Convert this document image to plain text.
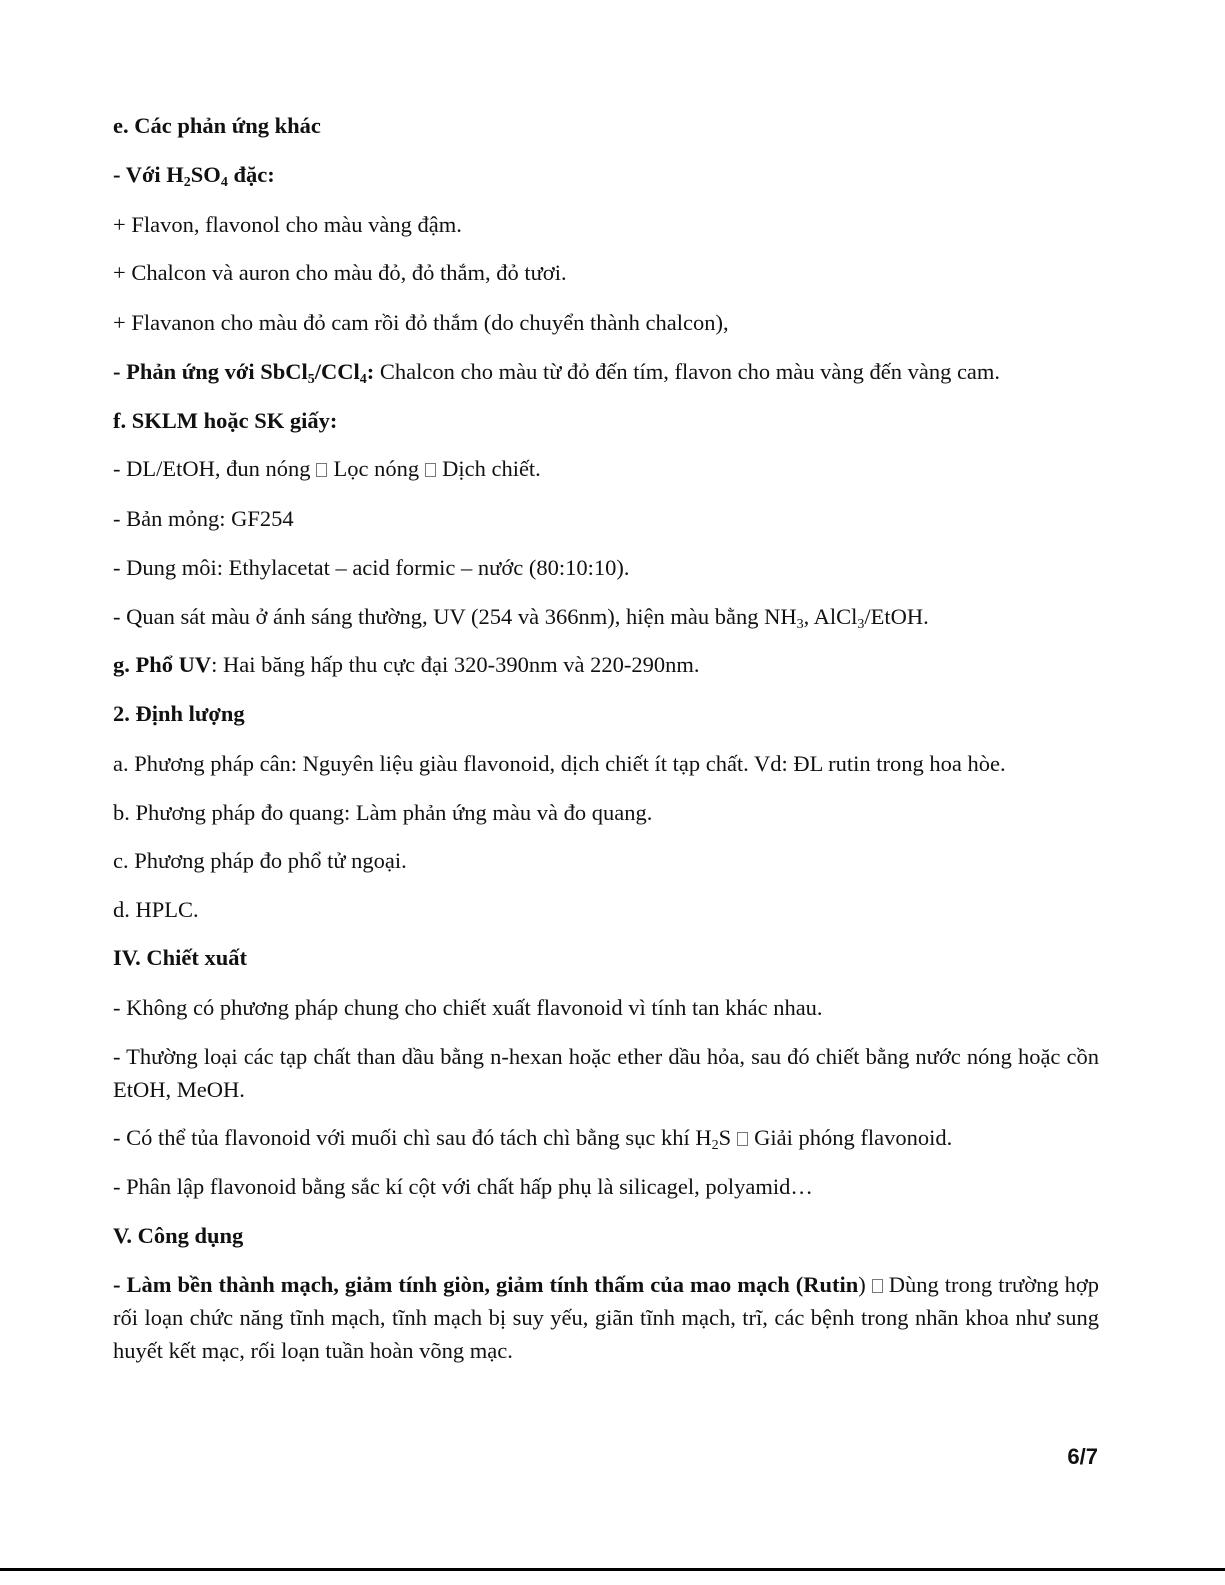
e. Các phản ứng khác
- Với $H_2SO_4$ đặc:
+ Flavon, flavonol cho màu vàng đậm.
+ Chalcon và auron cho màu đỏ, đỏ thắm, đỏ tươi.
+ Flavanon cho màu đỏ cam rồi đỏ thắm (do chuyển thành chalcon),
- Phản ứng với SbCl$_5$/CCl$_4$: Chalcon cho màu từ đỏ đến tím, flavon cho màu vàng đến vàng cam.
f. SKLM hoặc SK giấy:
- DL/EtOH, đun nóng Lọc nóng Dịch chiết.
- Bản mỏng: GF254
- Dung môi: Ethylacetat – acid formic – nước (80:10:10).
- Quan sát màu ở ánh sáng thường, UV (254 và 366nm), hiện màu bằng $NH_3$, AlCl$_3$/EtOH.
g. Phổ UV: Hai băng hấp thu cực đại 320-390nm và 220-290nm.
2. Định lượng
a. Phương pháp cân: Nguyên liệu giàu flavonoid, dịch chiết ít tạp chất. Vd: ĐL rutin trong hoa hòe.
b. Phương pháp đo quang: Làm phản ứng màu và đo quang.
c. Phương pháp đo phổ tử ngoại.
d. HPLC.
IV. Chiết xuất
- Không có phương pháp chung cho chiết xuất flavonoid vì tính tan khác nhau.
- Thường loại các tạp chất than dầu bằng n-hexan hoặc ether dầu hỏa, sau đó chiết bằng nước nóng hoặc cồn EtOH, MeOH.
- Có thể tủa flavonoid với muối chì sau đó tách chì bằng sục khí $H_2S$ Giải phóng flavonoid.
- Phân lập flavonoid bằng sắc kí cột với chất hấp phụ là silicagel, polyamid…
V. Công dụng
- Làm bền thành mạch, giảm tính giòn, giảm tính thấm của mao mạch (Rutin) Dùng trong trường hợp rối loạn chức năng tĩnh mạch, tĩnh mạch bị suy yếu, giãn tĩnh mạch, trĩ, các bệnh trong nhãn khoa như sung huyết kết mạc, rối loạn tuần hoàn võng mạc.
6/7
